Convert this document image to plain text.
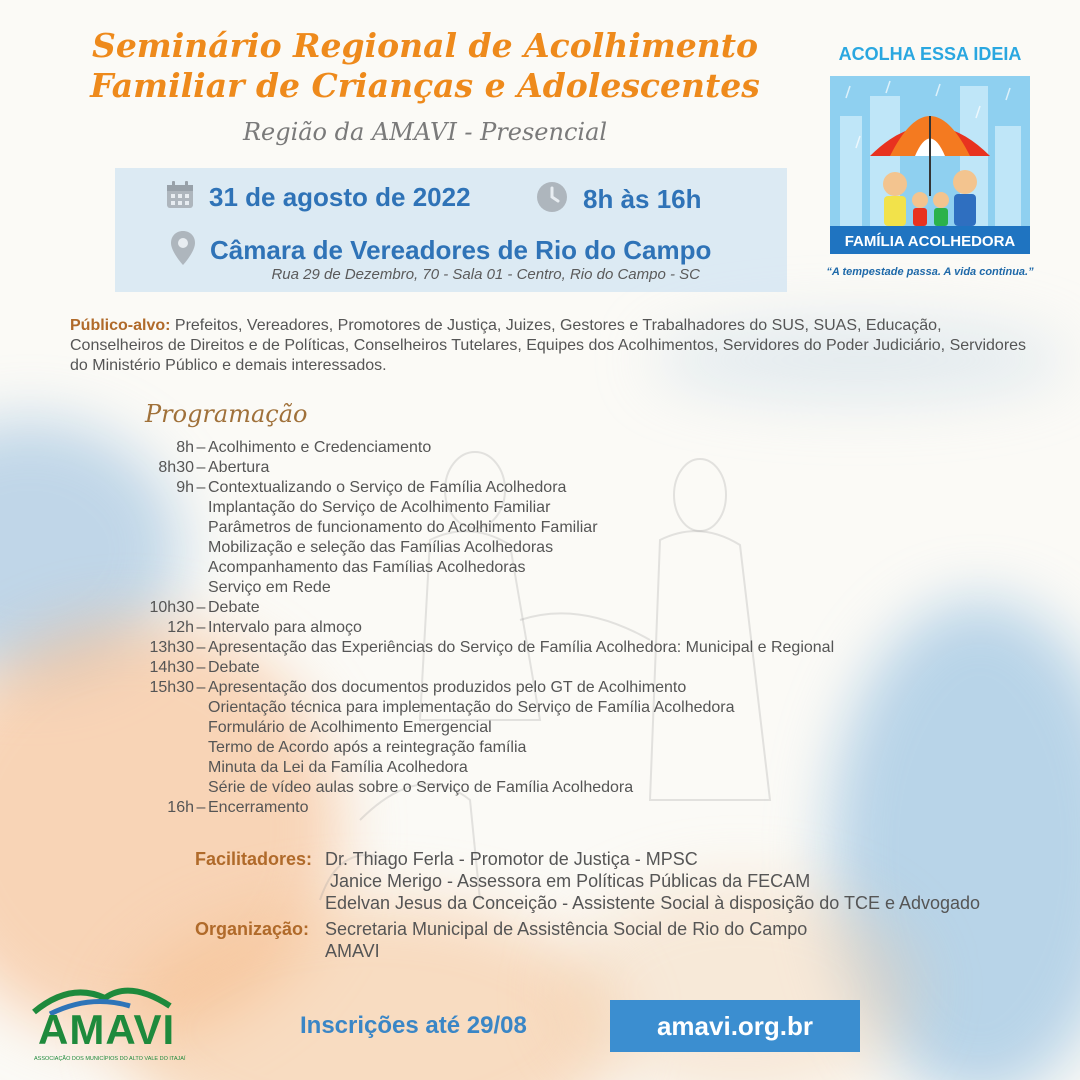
Seminário Regional de Acolhimento
Familiar de Crianças e Adolescentes
Região da AMAVI - Presencial
31 de agosto de 2022	8h às 16h
Câmara de Vereadores de Rio do Campo
Rua 29 de Dezembro, 70 - Sala 01 - Centro, Rio do Campo - SC
ACOLHA ESSA IDEIA
FAMÍLIA ACOLHEDORA
“A tempestade passa. A vida continua.”
Público-alvo: Prefeitos, Vereadores, Promotores de Justiça, Juizes, Gestores e Trabalhadores do SUS, SUAS, Educação, Conselheiros de Direitos e de Políticas, Conselheiros Tutelares, Equipes dos Acolhimentos, Servidores do Poder Judiciário, Servidores do Ministério Público e demais interessados.
Programação
8h – Acolhimento e Credenciamento
8h30 – Abertura
9h – Contextualizando o Serviço de Família Acolhedora
Implantação do Serviço de Acolhimento Familiar
Parâmetros de funcionamento do Acolhimento Familiar
Mobilização e seleção das Famílias Acolhedoras
Acompanhamento das Famílias Acolhedoras
Serviço em Rede
10h30 – Debate
12h – Intervalo para almoço
13h30 – Apresentação das Experiências do Serviço de Família Acolhedora: Municipal e Regional
14h30 – Debate
15h30 – Apresentação dos documentos produzidos pelo GT de Acolhimento
Orientação técnica para implementação do Serviço de Família Acolhedora
Formulário de Acolhimento Emergencial
Termo de Acordo após a reintegração família
Minuta da Lei da Família Acolhedora
Série de vídeo aulas sobre o Serviço de Família Acolhedora
16h – Encerramento
Facilitadores: Dr. Thiago Ferla - Promotor de Justiça - MPSC
Janice Merigo - Assessora em Políticas Públicas da FECAM
Edelvan Jesus da Conceição - Assistente Social à disposição do TCE e Advogado
Organização: Secretaria Municipal de Assistência Social de Rio do Campo
AMAVI
AMAVI
ASSOCIAÇÃO DOS MUNICÍPIOS DO ALTO VALE DO ITAJAÍ
Inscrições até 29/08	amavi.org.br
